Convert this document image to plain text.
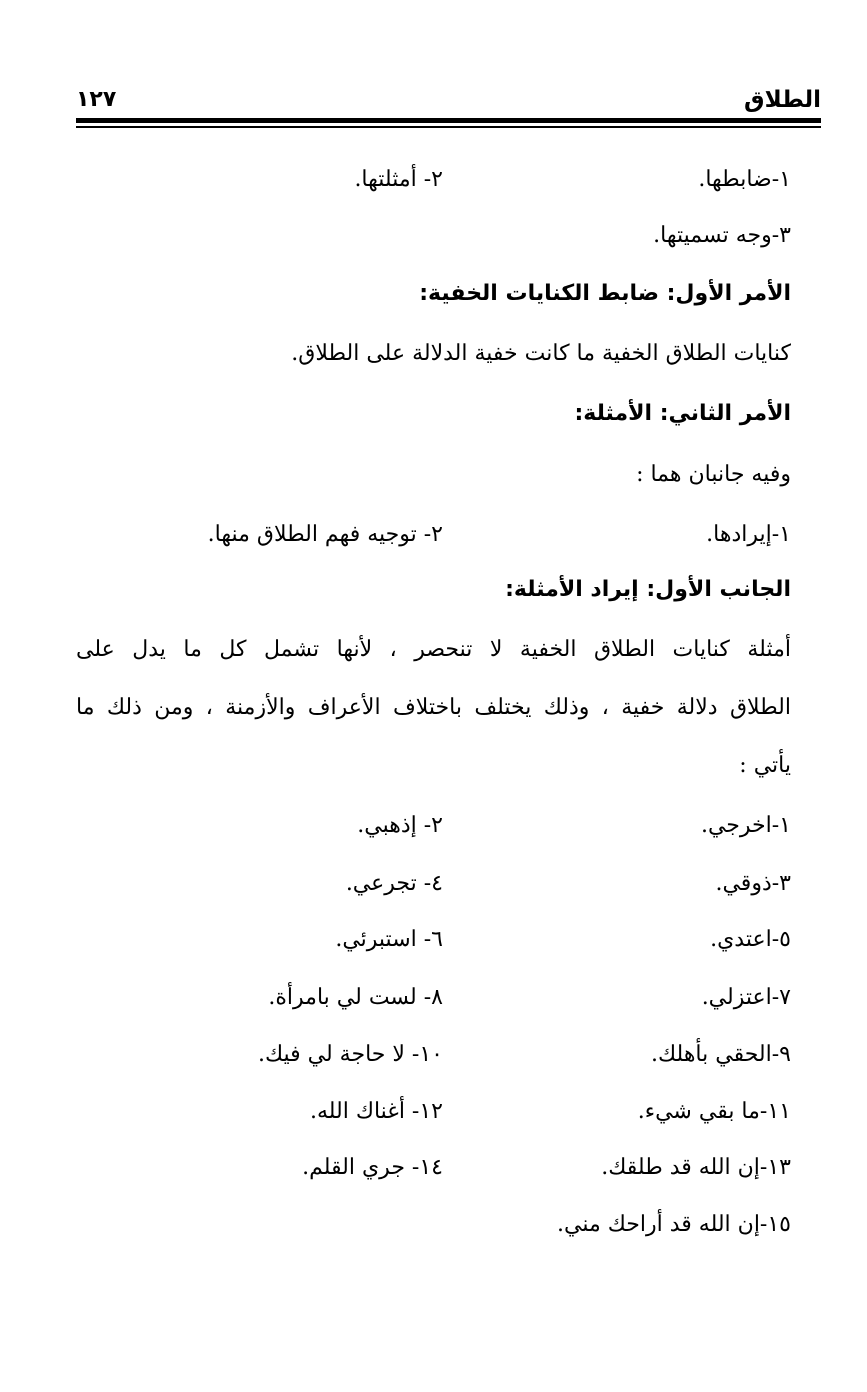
الطلاق
١٢٧
١-ضابطها.
٢- أمثلتها.
٣-وجه تسميتها.
الأمر الأول: ضابط الكنايات الخفية:
كنايات الطلاق الخفية ما كانت خفية الدلالة على الطلاق.
الأمر الثاني: الأمثلة:
وفيه جانبان هما :
١-إيرادها.
٢- توجيه فهم الطلاق منها.
الجانب الأول: إيراد الأمثلة:
أمثلة كنايات الطلاق الخفية لا تنحصر ، لأنها تشمل كل ما يدل على
الطلاق دلالة خفية ، وذلك يختلف باختلاف الأعراف والأزمنة ، ومن ذلك ما
يأتي :
١-اخرجي.
٢- إذهبي.
٣-ذوقي.
٤- تجرعي.
٥-اعتدي.
٦- استبرئي.
٧-اعتزلي.
٨- لست لي بامرأة.
٩-الحقي بأهلك.
١٠- لا حاجة لي فيك.
١١-ما بقي شيء.
١٢- أغناك الله.
١٣-إن الله قد طلقك.
١٤- جري القلم.
١٥-إن الله قد أراحك مني.
